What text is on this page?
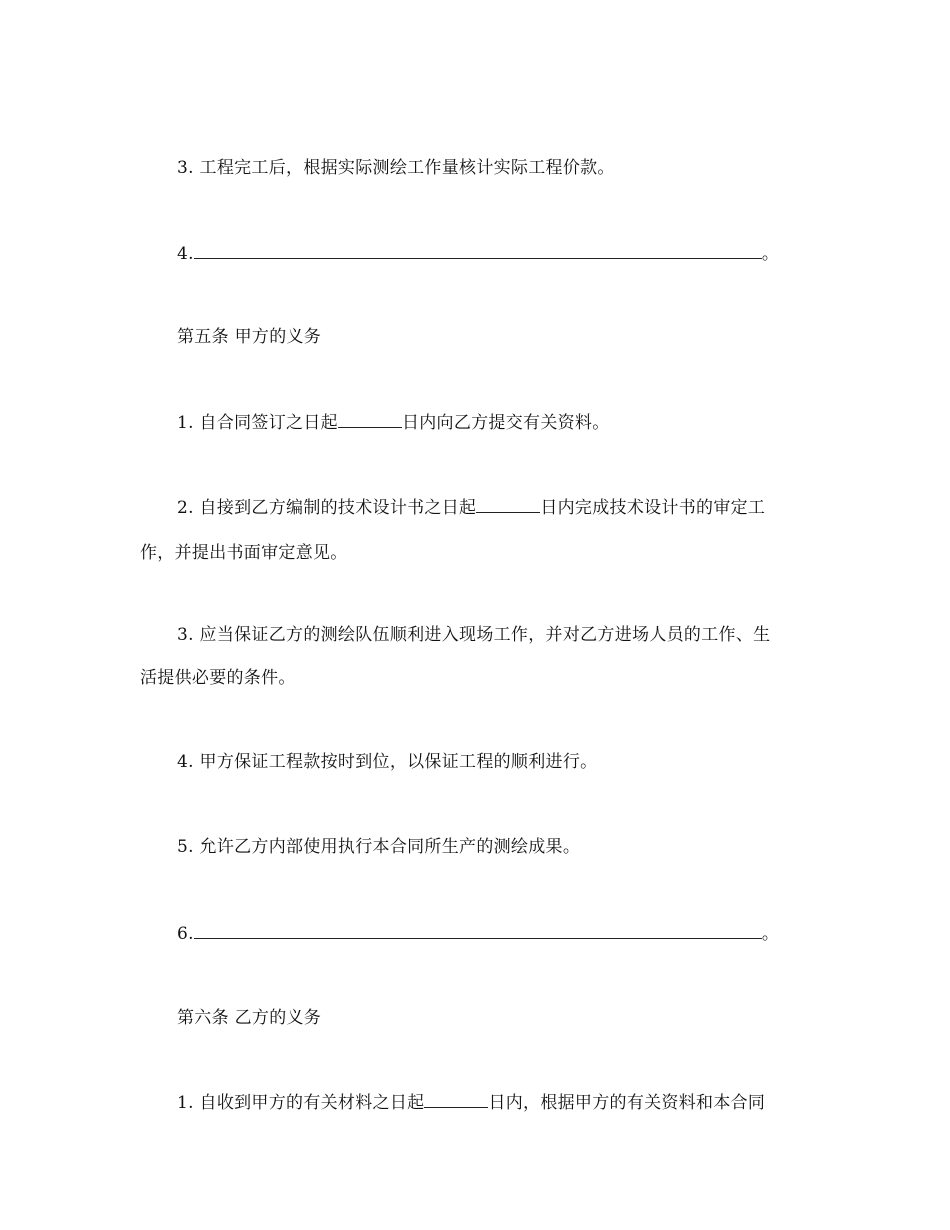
3. 工程完工后，根据实际测绘工作量核计实际工程价款。
4.	。
第五条 甲方的义务
1. 自合同签订之日起	日内向乙方提交有关资料。
2. 自接到乙方编制的技术设计书之日起	日内完成技术设计书的审定工
作，并提出书面审定意见。
3. 应当保证乙方的测绘队伍顺利进入现场工作，并对乙方进场人员的工作、生
活提供必要的条件。
4. 甲方保证工程款按时到位，以保证工程的顺利进行。
5. 允许乙方内部使用执行本合同所生产的测绘成果。
6.	。
第六条 乙方的义务
1. 自收到甲方的有关材料之日起	日内，根据甲方的有关资料和本合同
